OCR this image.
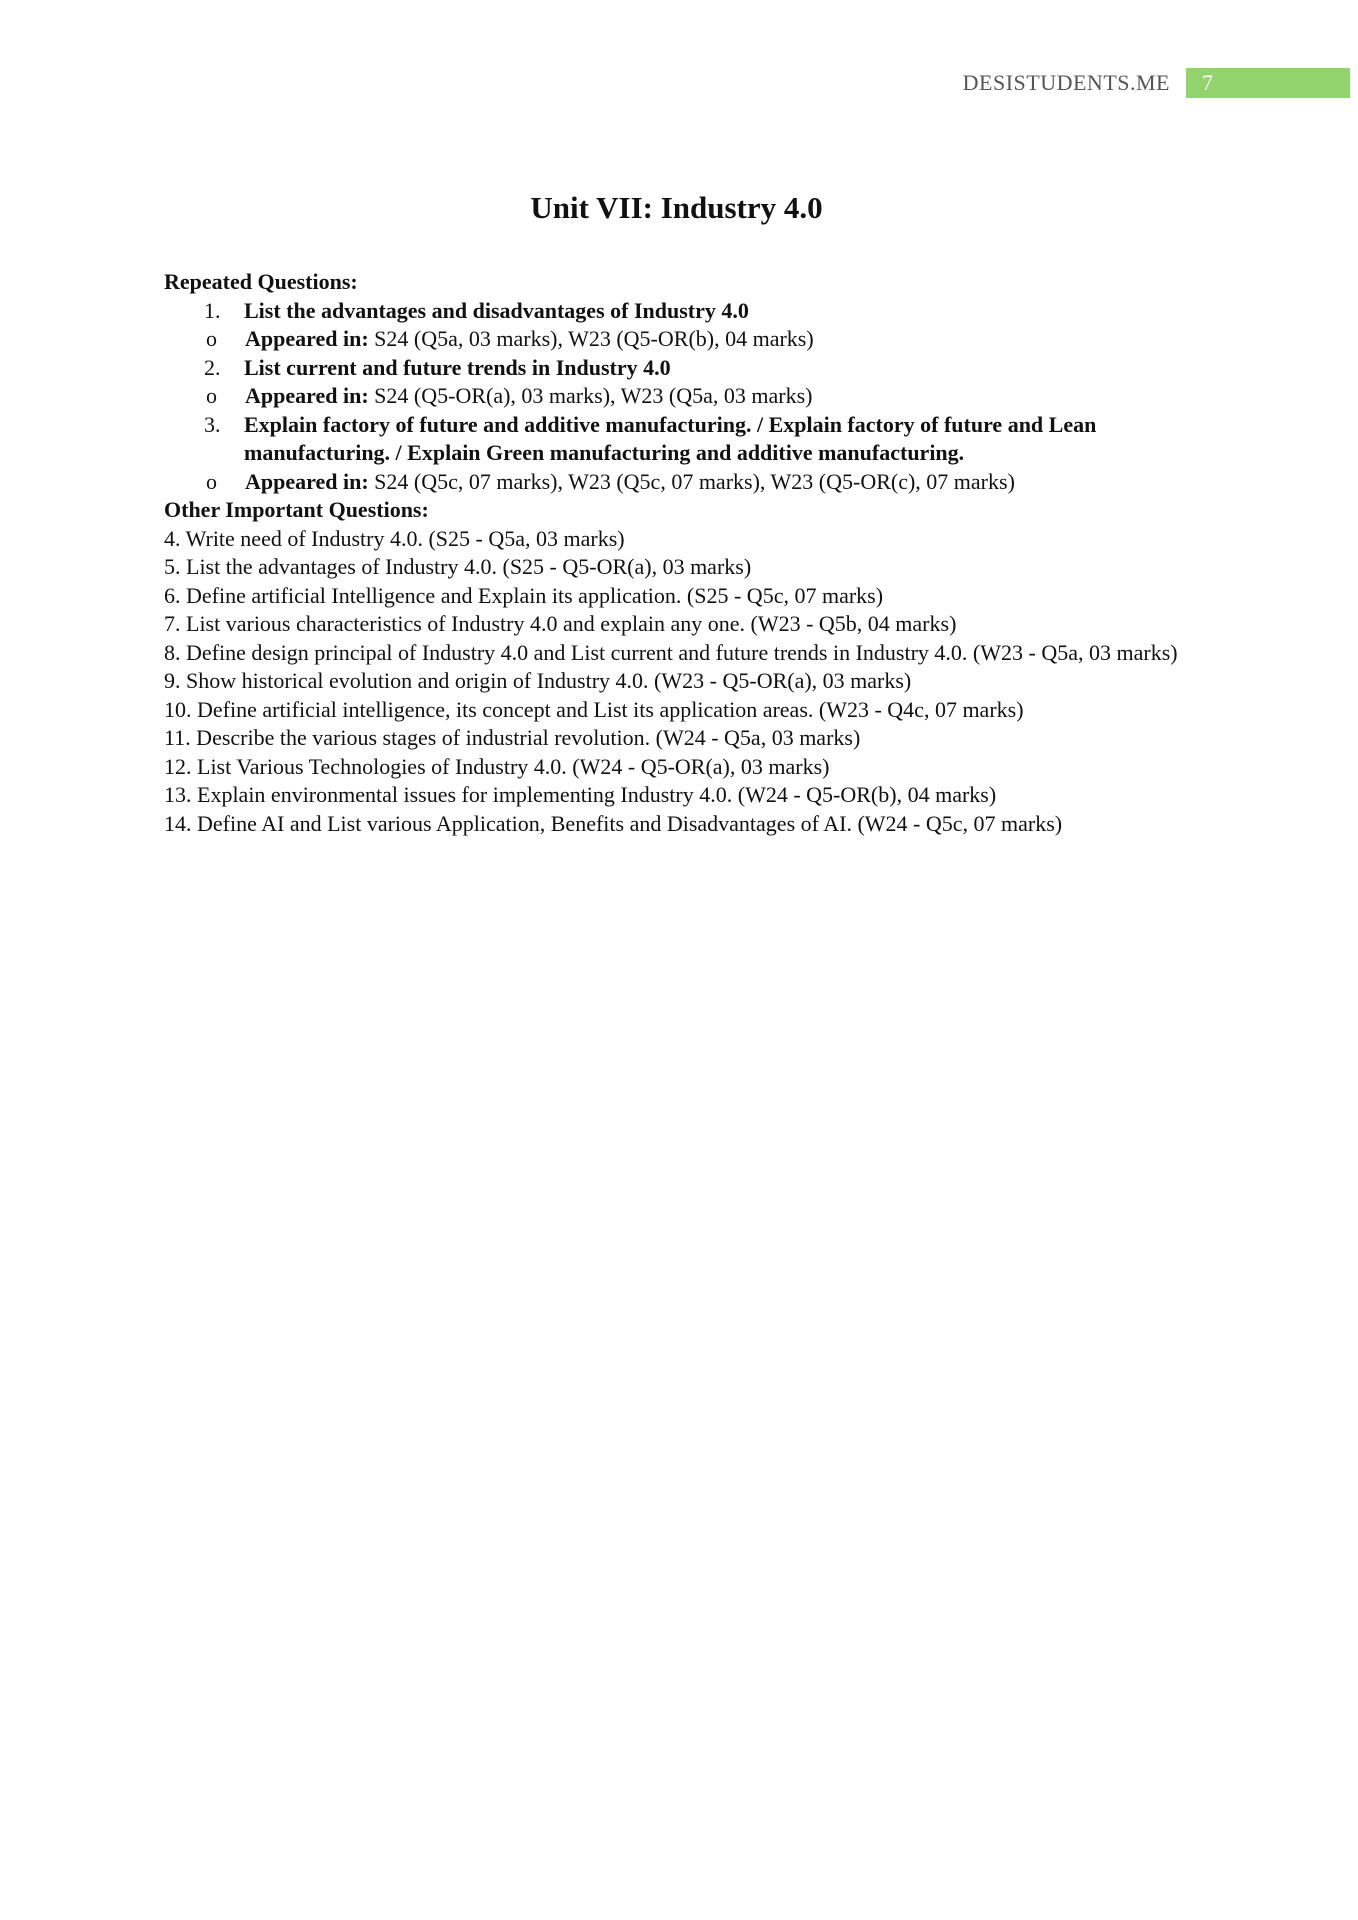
DESISTUDENTS.ME	7
Unit VII: Industry 4.0

Repeated Questions:

1. List the advantages and disadvantages of Industry 4.0
o Appeared in: S24 (Q5a, 03 marks), W23 (Q5-OR(b), 04 marks)
2. List current and future trends in Industry 4.0
o Appeared in: S24 (Q5-OR(a), 03 marks), W23 (Q5a, 03 marks)
3. Explain factory of future and additive manufacturing. / Explain factory of future and Lean manufacturing. / Explain Green manufacturing and additive manufacturing.
o Appeared in: S24 (Q5c, 07 marks), W23 (Q5c, 07 marks), W23 (Q5-OR(c), 07 marks)

Other Important Questions:

4. Write need of Industry 4.0. (S25 - Q5a, 03 marks)
5. List the advantages of Industry 4.0. (S25 - Q5-OR(a), 03 marks)
6. Define artificial Intelligence and Explain its application. (S25 - Q5c, 07 marks)
7. List various characteristics of Industry 4.0 and explain any one. (W23 - Q5b, 04 marks)
8. Define design principal of Industry 4.0 and List current and future trends in Industry 4.0. (W23 - Q5a, 03 marks)
9. Show historical evolution and origin of Industry 4.0. (W23 - Q5-OR(a), 03 marks)
10. Define artificial intelligence, its concept and List its application areas. (W23 - Q4c, 07 marks)
11. Describe the various stages of industrial revolution. (W24 - Q5a, 03 marks)
12. List Various Technologies of Industry 4.0. (W24 - Q5-OR(a), 03 marks)
13. Explain environmental issues for implementing Industry 4.0. (W24 - Q5-OR(b), 04 marks)
14. Define AI and List various Application, Benefits and Disadvantages of AI. (W24 - Q5c, 07 marks)
